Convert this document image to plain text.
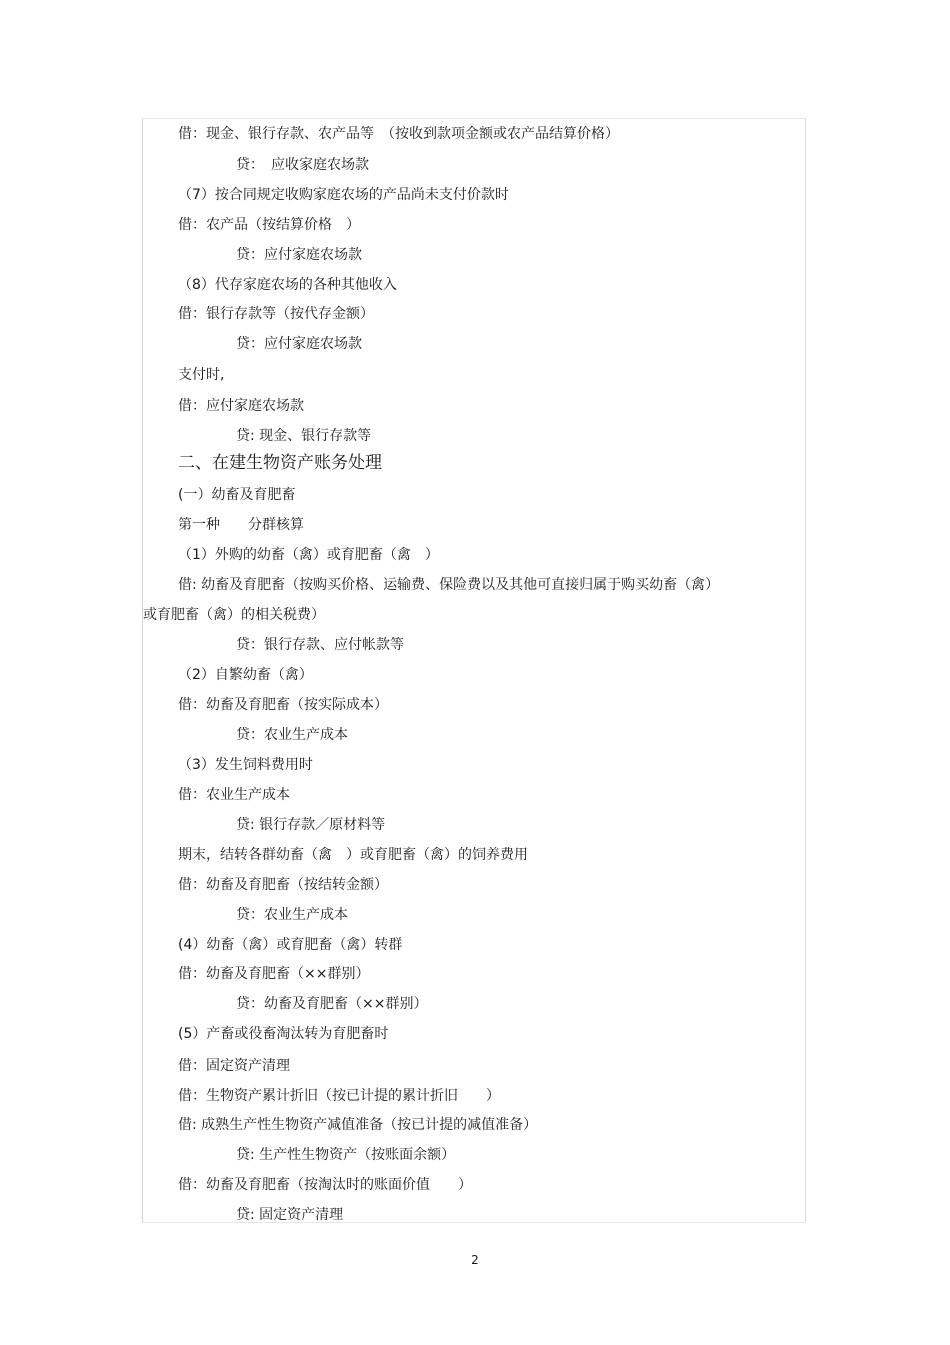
借：现金、银行存款、农产品等　（按收到款项金额或农产品结算价格）
贷：　应收家庭农场款
（7）按合同规定收购家庭农场的产品尚未支付价款时
借：农产品（按结算价格　）
贷：应付家庭农场款
（8）代存家庭农场的各种其他收入
借：银行存款等（按代存金额）
贷：应付家庭农场款
支付时,
借：应付家庭农场款
贷: 现金、银行存款等
二、在建生物资产账务处理
(一）幼畜及育肥畜
第一种　　分群核算
（1）外购的幼畜（禽）或育肥畜（禽　）
借: 幼畜及育肥畜（按购买价格、运输费、保险费以及其他可直接归属于购买幼畜（禽）
或育肥畜（禽）的相关税费）
贷：银行存款、应付帐款等
（2）自繁幼畜（禽）
借：幼畜及育肥畜（按实际成本）
贷：农业生产成本
（3）发生饲料费用时
借：农业生产成本
贷: 银行存款／原材料等
期末，结转各群幼畜（禽　）或育肥畜（禽）的饲养费用
借：幼畜及育肥畜（按结转金额）
贷：农业生产成本
(4）幼畜（禽）或育肥畜（禽）转群
借：幼畜及育肥畜（××群别）
贷：幼畜及育肥畜（××群别）
(5）产畜或役畜淘汰转为育肥畜时
借：固定资产清理
借：生物资产累计折旧（按已计提的累计折旧　　）
借: 成熟生产性生物资产减值准备（按已计提的减值准备）
贷: 生产性生物资产（按账面余额）
借：幼畜及育肥畜（按淘汰时的账面价值　　）
贷: 固定资产清理
2
